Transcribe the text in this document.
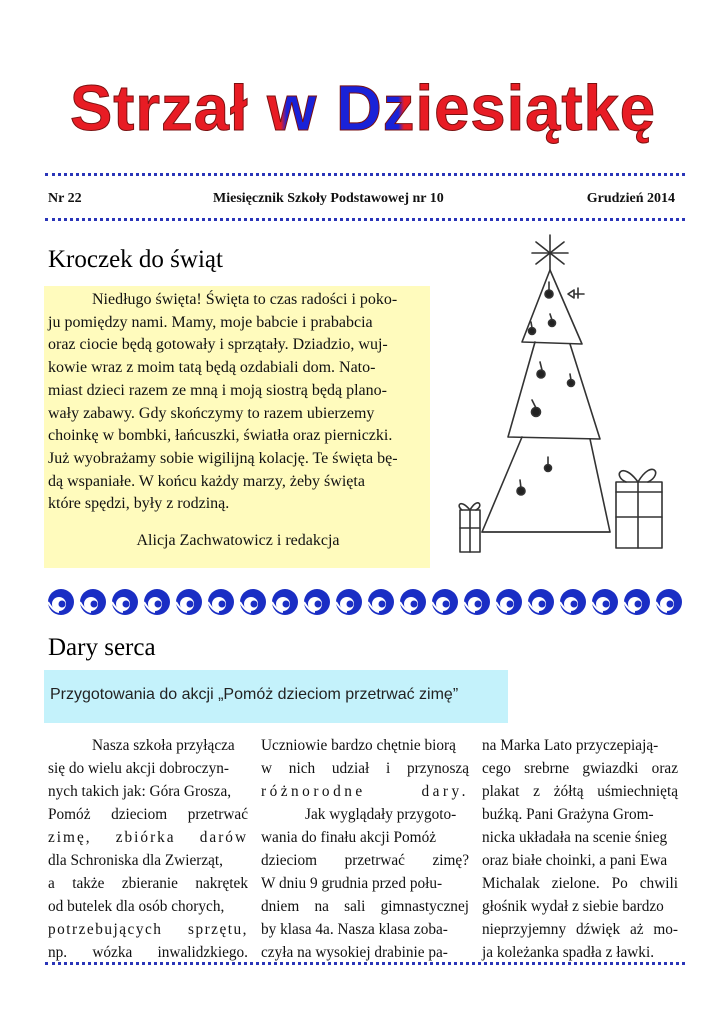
Strzał w Dziesiątkę
Nr 22	Miesięcznik Szkoły Podstawowej nr 10	Grudzień 2014
Kroczek do świąt
Niedługo święta! Święta to czas radości i poko-
ju pomiędzy nami. Mamy, moje babcie i prababcia
oraz ciocie będą gotowały i sprzątały. Dziadzio, wuj-
kowie wraz z moim tatą będą ozdabiali dom. Nato-
miast dzieci razem ze mną i moją siostrą będą plano-
wały zabawy. Gdy skończymy to razem ubierzemy
choinkę w bombki, łańcuszki, światła oraz pierniczki.
Już wyobrażamy sobie wigilijną kolację. Te święta bę-
dą wspaniałe. W końcu każdy marzy, żeby święta
które spędzi, były z rodziną.
Alicja Zachwatowicz i redakcja
Dary serca
Przygotowania do akcji „Pomóż dzieciom przetrwać zimę”

Nasza szkoła przyłącza

się do wielu akcji dobroczyn-

nych takich jak: Góra Grosza,

Pomóż dzieciom przetrwać

zimę, zbiórka darów

dla Schroniska dla Zwierząt,

a także zbieranie nakrętek

od butelek dla osób chorych,

potrzebujących sprzętu,

np. wózka inwalidzkiego.

Uczniowie bardzo chętnie biorą

w nich udział i przynoszą

różnorodne dary.

Jak wyglądały przygoto-

wania do finału akcji Pomóż

dzieciom przetrwać zimę?

W dniu 9 grudnia przed połu-

dniem na sali gimnastycznej

by klasa 4a. Nasza klasa zoba-

czyła na wysokiej drabinie pa-

na Marka Lato przyczepiają-

cego srebrne gwiazdki oraz

plakat z żółtą uśmiechniętą

buźką. Pani Grażyna Grom-

nicka układała na scenie śnieg

oraz białe choinki, a pani Ewa

Michalak zielone. Po chwili

głośnik wydał z siebie bardzo

nieprzyjemny dźwięk aż mo-

ja koleżanka spadła z ławki.
